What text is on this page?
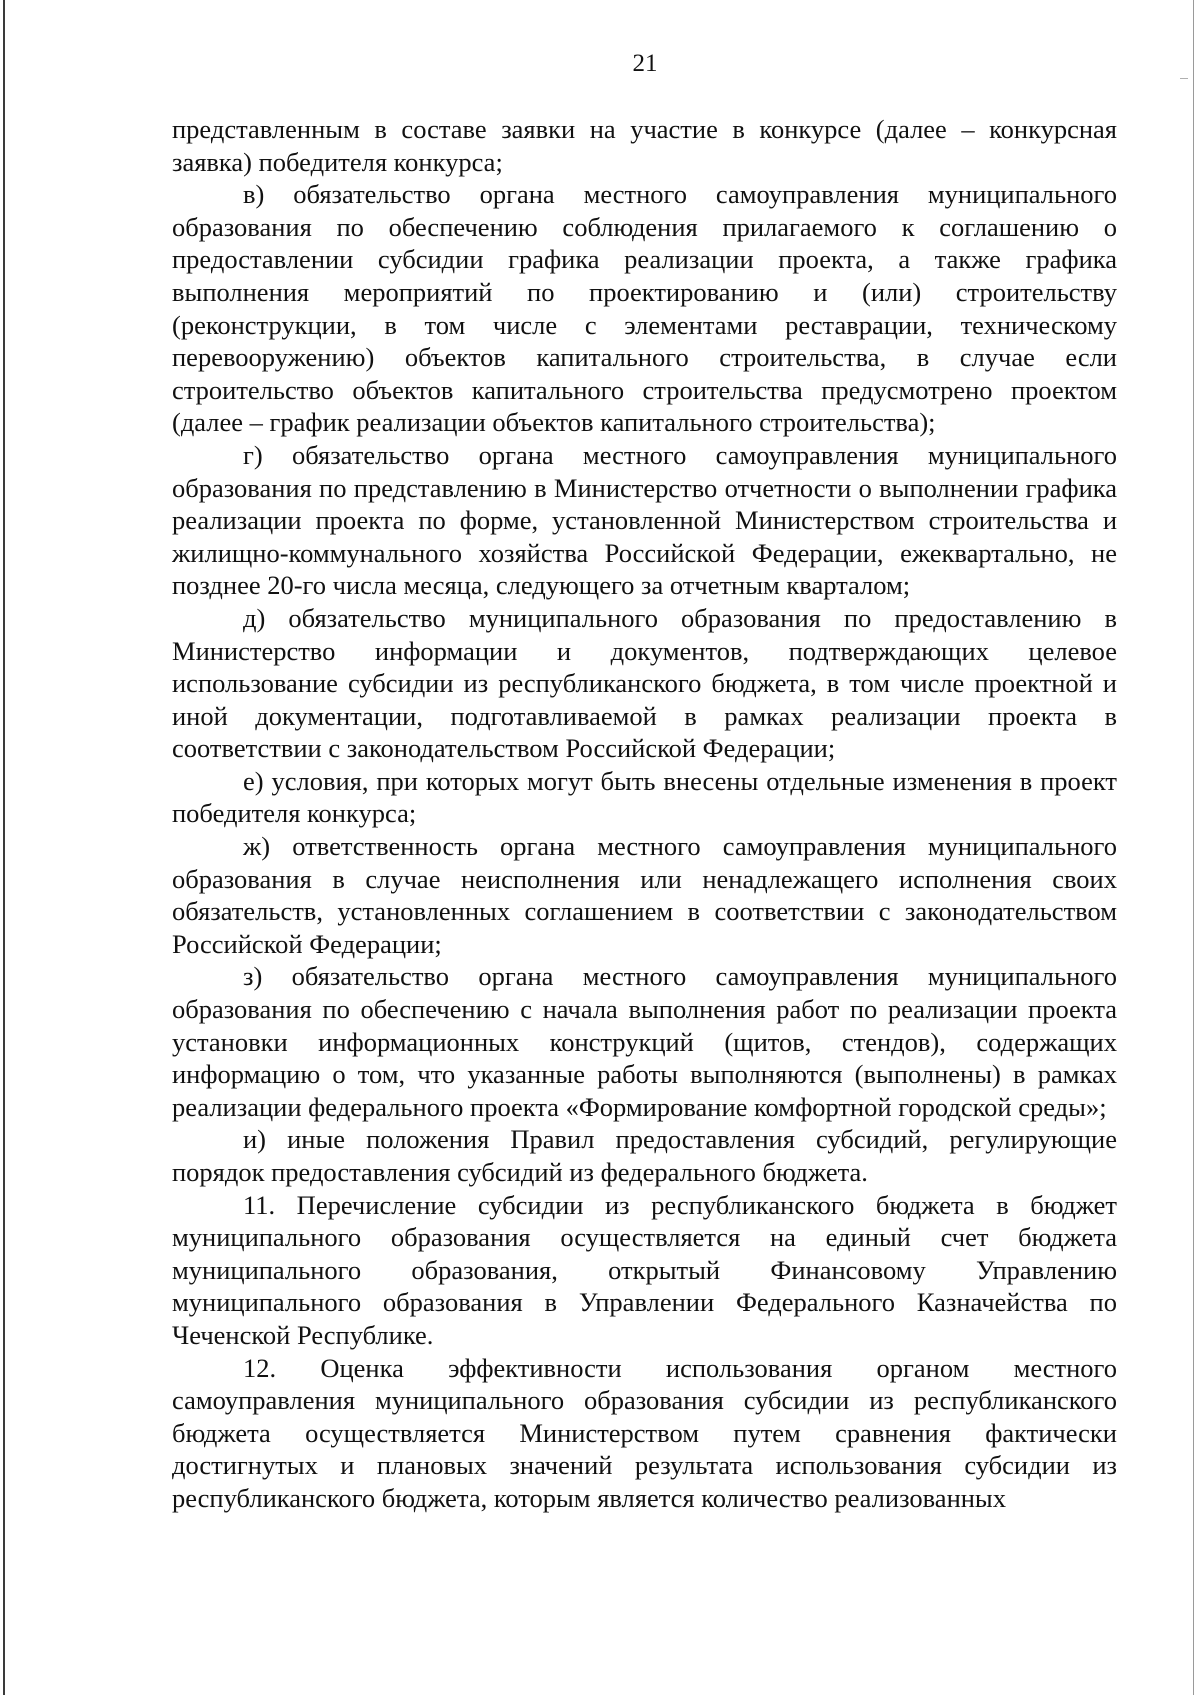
21

представленным в составе заявки на участие в конкурсе (далее – конкурсная заявка) победителя конкурса;

в) обязательство органа местного самоуправления муниципального образования по обеспечению соблюдения прилагаемого к соглашению о предоставлении субсидии графика реализации проекта, а также графика выполнения мероприятий по проектированию и (или) строительству (реконструкции, в том числе с элементами реставрации, техническому перевооружению) объектов капитального строительства, в случае если строительство объектов капитального строительства предусмотрено проектом (далее – график реализации объектов капитального строительства);

г) обязательство органа местного самоуправления муниципального образования по представлению в Министерство отчетности о выполнении графика реализации проекта по форме, установленной Министерством строительства и жилищно-коммунального хозяйства Российской Федерации, ежеквартально, не позднее 20-го числа месяца, следующего за отчетным кварталом;

д) обязательство муниципального образования по предоставлению в Министерство информации и документов, подтверждающих целевое использование субсидии из республиканского бюджета, в том числе проектной и иной документации, подготавливаемой в рамках реализации проекта в соответствии с законодательством Российской Федерации;

е) условия, при которых могут быть внесены отдельные изменения в проект победителя конкурса;

ж) ответственность органа местного самоуправления муниципального образования в случае неисполнения или ненадлежащего исполнения своих обязательств, установленных соглашением в соответствии с законодательством Российской Федерации;

з) обязательство органа местного самоуправления муниципального образования по обеспечению с начала выполнения работ по реализации проекта установки информационных конструкций (щитов, стендов), содержащих информацию о том, что указанные работы выполняются (выполнены) в рамках реализации федерального проекта «Формирование комфортной городской среды»;

и) иные положения Правил предоставления субсидий, регулирующие порядок предоставления субсидий из федерального бюджета.

11. Перечисление субсидии из республиканского бюджета в бюджет муниципального образования осуществляется на единый счет бюджета муниципального образования, открытый Финансовому Управлению муниципального образования в Управлении Федерального Казначейства по Чеченской Республике.

12. Оценка эффективности использования органом местного самоуправления муниципального образования субсидии из республиканского бюджета осуществляется Министерством путем сравнения фактически достигнутых и плановых значений результата использования субсидии из республиканского бюджета, которым является количество реализованных
